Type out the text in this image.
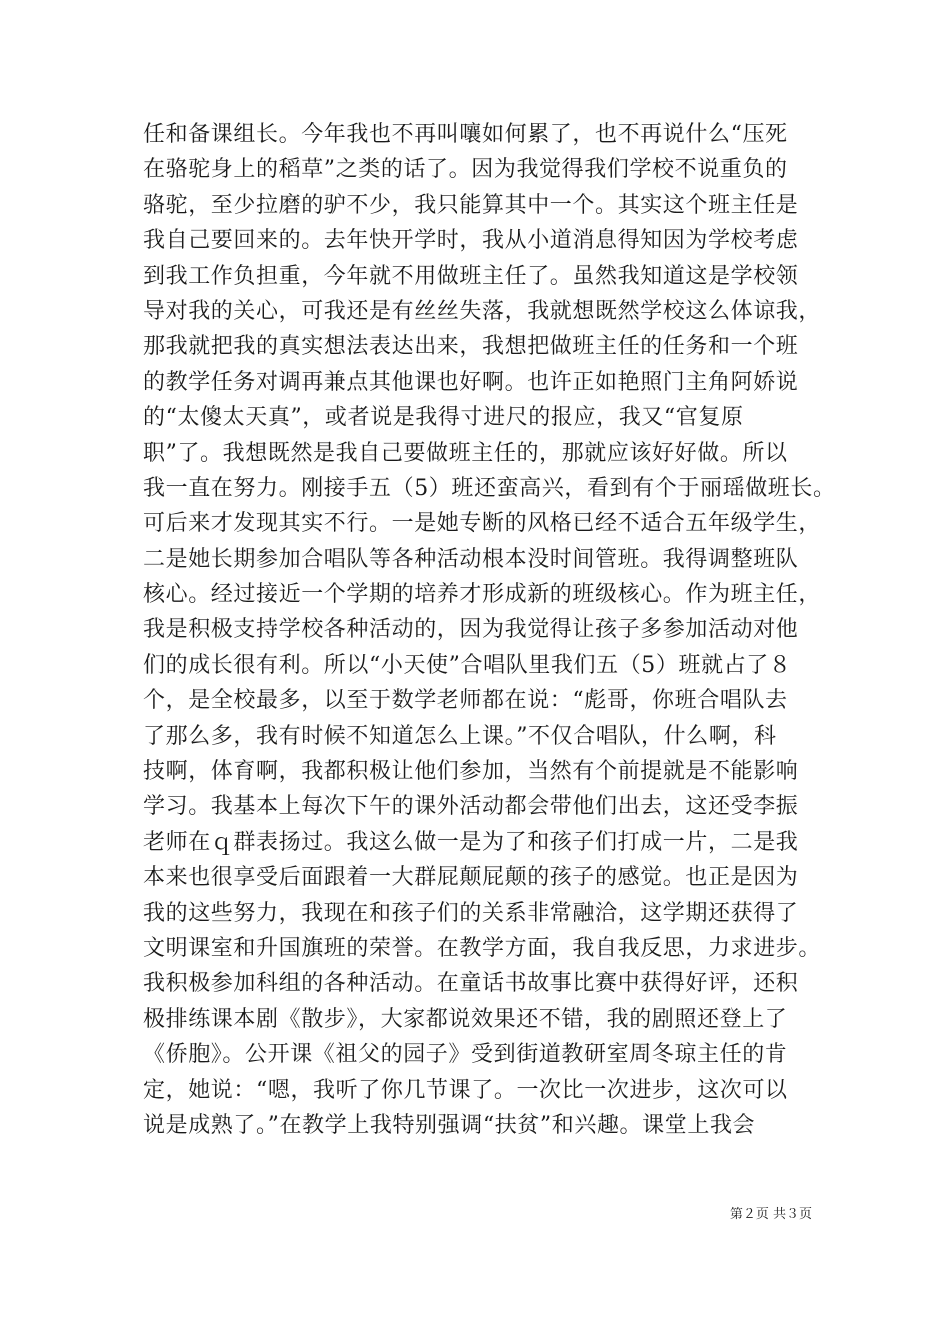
任和备课组长。今年我也不再叫嚷如何累了，也不再说什么“压死
在骆驼身上的稻草”之类的话了。因为我觉得我们学校不说重负的
骆驼，至少拉磨的驴不少，我只能算其中一个。其实这个班主任是
我自己要回来的。去年快开学时，我从小道消息得知因为学校考虑
到我工作负担重，今年就不用做班主任了。虽然我知道这是学校领
导对我的关心，可我还是有丝丝失落，我就想既然学校这么体谅我，
那我就把我的真实想法表达出来，我想把做班主任的任务和一个班
的教学任务对调再兼点其他课也好啊。也许正如艳照门主角阿娇说
的“太傻太天真”，或者说是我得寸进尺的报应，我又“官复原
职”了。我想既然是我自己要做班主任的，那就应该好好做。所以
我一直在努力。刚接手五（5）班还蛮高兴，看到有个于丽瑶做班长。
可后来才发现其实不行。一是她专断的风格已经不适合五年级学生，
二是她长期参加合唱队等各种活动根本没时间管班。我得调整班队
核心。经过接近一个学期的培养才形成新的班级核心。作为班主任，
我是积极支持学校各种活动的，因为我觉得让孩子多参加活动对他
们的成长很有利。所以“小天使”合唱队里我们五（5）班就占了８
个，是全校最多，以至于数学老师都在说：“彪哥，你班合唱队去
了那么多，我有时候不知道怎么上课。”不仅合唱队，什么啊，科
技啊，体育啊，我都积极让他们参加，当然有个前提就是不能影响
学习。我基本上每次下午的课外活动都会带他们出去，这还受李振
老师在ｑ群表扬过。我这么做一是为了和孩子们打成一片，二是我
本来也很享受后面跟着一大群屁颠屁颠的孩子的感觉。也正是因为
我的这些努力，我现在和孩子们的关系非常融洽，这学期还获得了
文明课室和升国旗班的荣誉。在教学方面，我自我反思，力求进步。
我积极参加科组的各种活动。在童话书故事比赛中获得好评，还积
极排练课本剧《散步》，大家都说效果还不错，我的剧照还登上了
《侨胞》。公开课《祖父的园子》受到街道教研室周冬琼主任的肯
定，她说：“嗯，我听了你几节课了。一次比一次进步，这次可以
说是成熟了。”在教学上我特别强调“扶贫”和兴趣。课堂上我会
第２页 共３页
